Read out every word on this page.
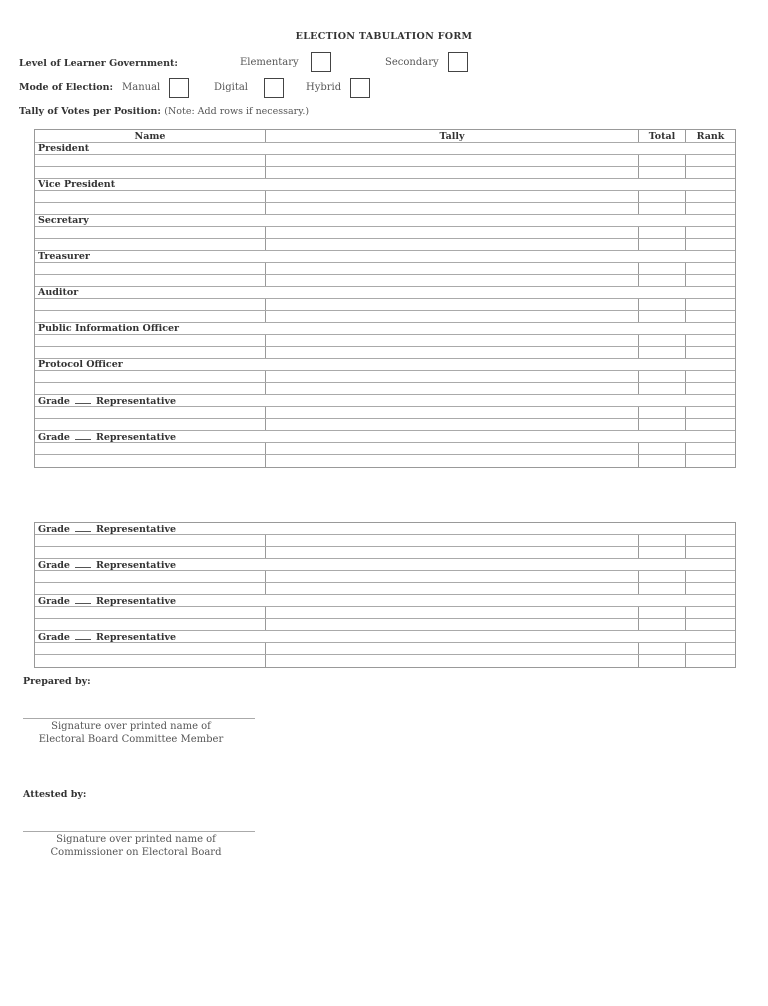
ELECTION TABULATION FORM
Level of Learner Government:	Elementary	Secondary
Mode of Election: Manual	Digital	Hybrid
Tally of Votes per Position: (Note: Add rows if necessary.)
Name	Tally	Total	Rank
President
Vice President
Secretary
Treasurer
Auditor
Public Information Officer
Protocol Officer
Grade	Representative
Grade	Representative
Grade	Representative
Grade	Representative
Grade	Representative
Grade	Representative
Prepared by:
Signature over printed name of
Electoral Board Committee Member
Attested by:
Signature over printed name of
Commissioner on Electoral Board
